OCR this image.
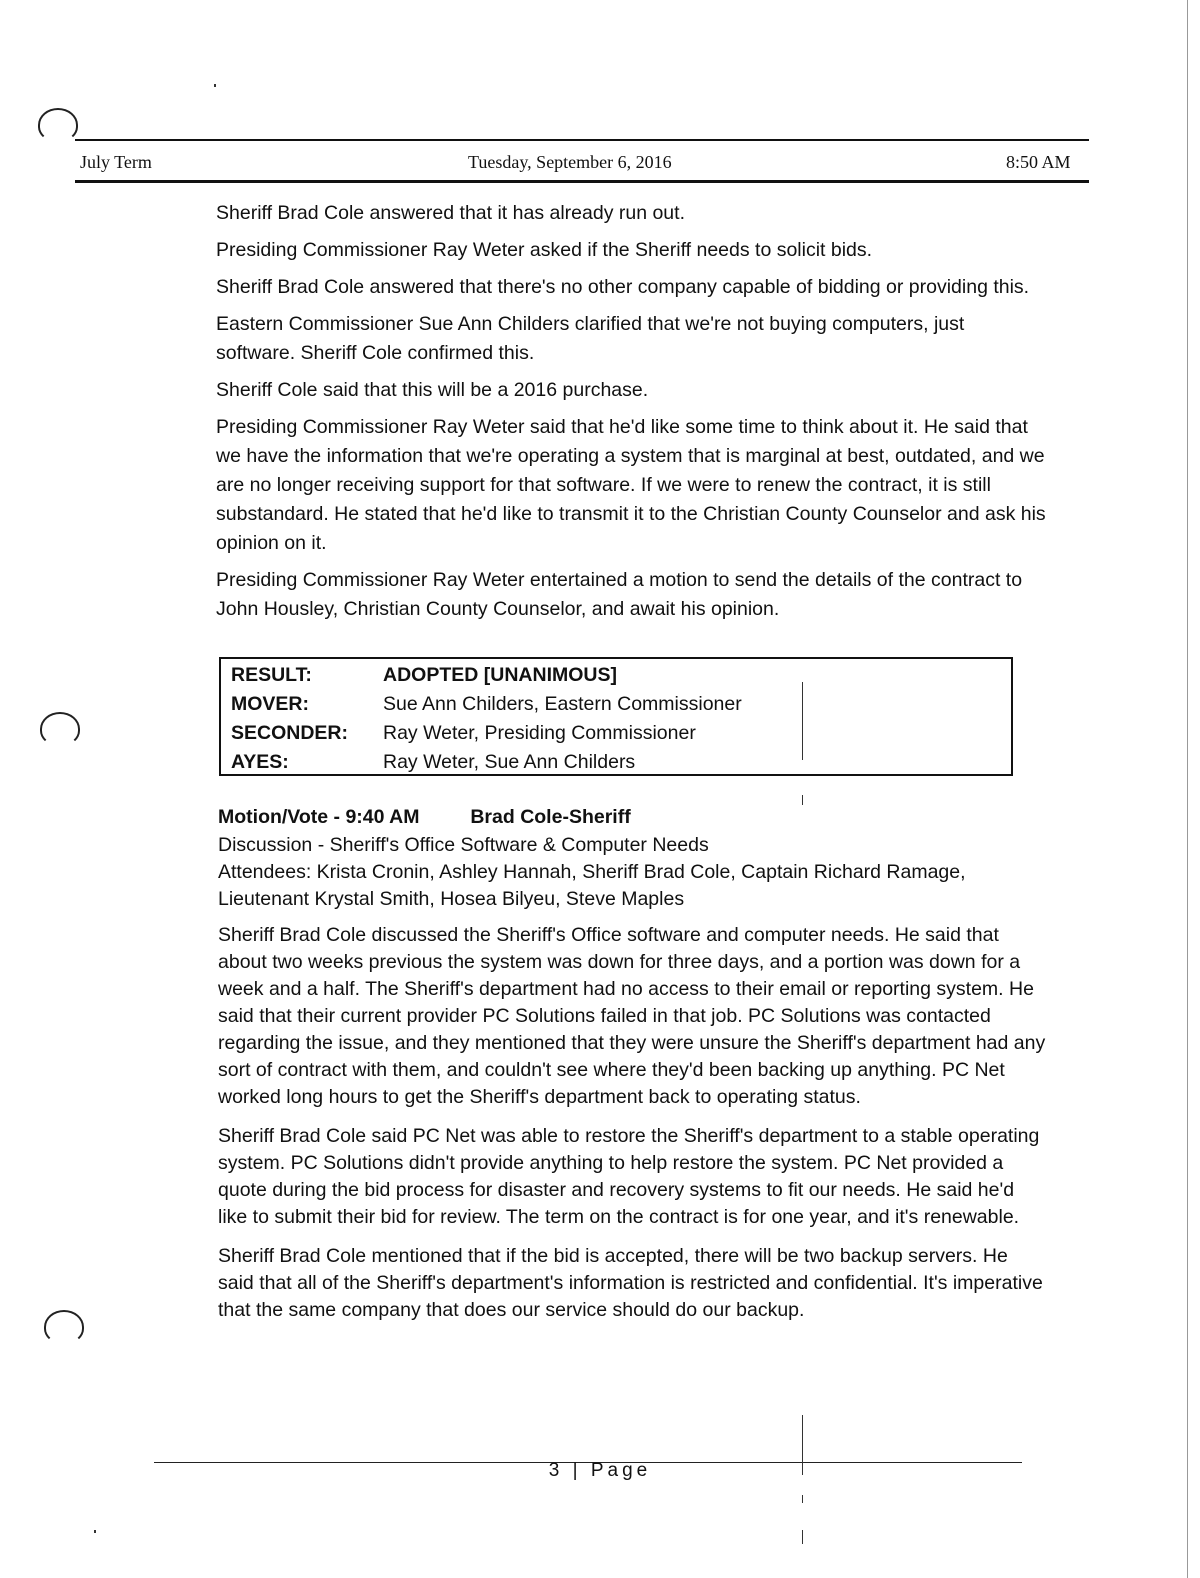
July Term	Tuesday, September 6, 2016	8:50 AM

Sheriff Brad Cole answered that it has already run out.

Presiding Commissioner Ray Weter asked if the Sheriff needs to solicit bids.

Sheriff Brad Cole answered that there's no other company capable of bidding or providing this.

Eastern Commissioner Sue Ann Childers clarified that we're not buying computers, just software. Sheriff Cole confirmed this.

Sheriff Cole said that this will be a 2016 purchase.

Presiding Commissioner Ray Weter said that he'd like some time to think about it. He said that we have the information that we're operating a system that is marginal at best, outdated, and we are no longer receiving support for that software. If we were to renew the contract, it is still substandard. He stated that he'd like to transmit it to the Christian County Counselor and ask his opinion on it.

Presiding Commissioner Ray Weter entertained a motion to send the details of the contract to John Housley, Christian County Counselor, and await his opinion.

RESULT:	ADOPTED [UNANIMOUS]
MOVER:	Sue Ann Childers, Eastern Commissioner
SECONDER:	Ray Weter, Presiding Commissioner
AYES:	Ray Weter, Sue Ann Childers
Motion/Vote - 9:40 AM	Brad Cole-Sheriff
Discussion - Sheriff's Office Software & Computer Needs
Attendees: Krista Cronin, Ashley Hannah, Sheriff Brad Cole, Captain Richard Ramage,
Lieutenant Krystal Smith, Hosea Bilyeu, Steve Maples

Sheriff Brad Cole discussed the Sheriff's Office software and computer needs. He said that about two weeks previous the system was down for three days, and a portion was down for a week and a half. The Sheriff's department had no access to their email or reporting system. He said that their current provider PC Solutions failed in that job. PC Solutions was contacted regarding the issue, and they mentioned that they were unsure the Sheriff's department had any sort of contract with them, and couldn't see where they'd been backing up anything. PC Net worked long hours to get the Sheriff's department back to operating status.

Sheriff Brad Cole said PC Net was able to restore the Sheriff's department to a stable operating system. PC Solutions didn't provide anything to help restore the system. PC Net provided a quote during the bid process for disaster and recovery systems to fit our needs. He said he'd like to submit their bid for review. The term on the contract is for one year, and it's renewable.

Sheriff Brad Cole mentioned that if the bid is accepted, there will be two backup servers. He said that all of the Sheriff's department's information is restricted and confidential. It's imperative that the same company that does our service should do our backup.

3 | Page
